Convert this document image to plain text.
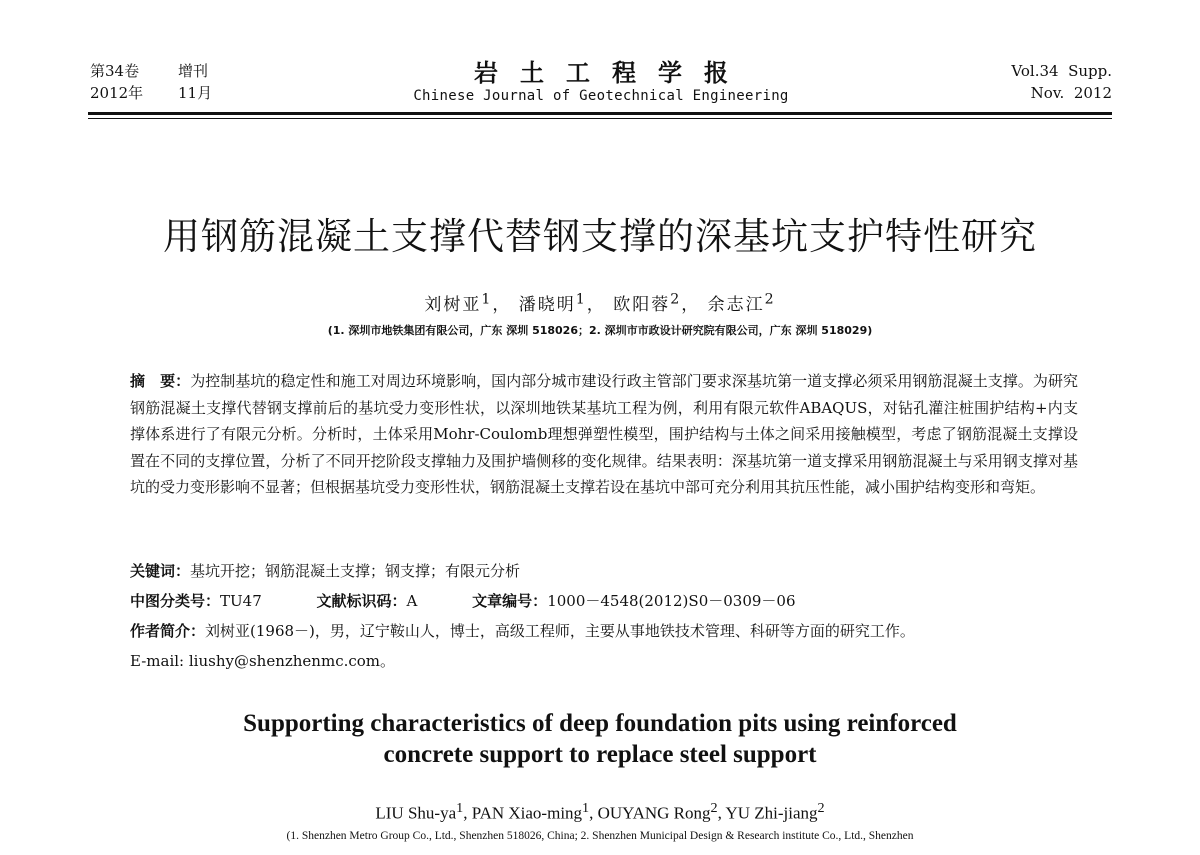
第34卷	增刊
2012年 11月
岩土工程学报
Chinese Journal of Geotechnical Engineering
Vol.34  Supp.
Nov.  2012
用钢筋混凝土支撑代替钢支撑的深基坑支护特性研究
刘树亚$^1$， 潘晓明$^1$， 欧阳蓉$^2$， 余志江$^2$
(1. 深圳市地铁集团有限公司，广东 深圳 518026；2. 深圳市市政设计研究院有限公司，广东 深圳 518029)
摘　要：为控制基坑的稳定性和施工对周边环境影响，国内部分城市建设行政主管部门要求深基坑第一道支撑必须采用钢筋混凝土支撑。为研究钢筋混凝土支撑代替钢支撑前后的基坑受力变形性状，以深圳地铁某基坑工程为例，利用有限元软件ABAQUS，对钻孔灌注桩围护结构+内支撑体系进行了有限元分析。分析时，土体采用Mohr-Coulomb理想弹塑性模型，围护结构与土体之间采用接触模型，考虑了钢筋混凝土支撑设置在不同的支撑位置，分析了不同开挖阶段支撑轴力及围护墙侧移的变化规律。结果表明：深基坑第一道支撑采用钢筋混凝土与采用钢支撑对基坑的受力变形影响不显著；但根据基坑受力变形性状，钢筋混凝土支撑若设在基坑中部可充分利用其抗压性能，减小围护结构变形和弯矩。
关键词：基坑开挖；钢筋混凝土支撑；钢支撑；有限元分析
中图分类号：TU47	文献标识码：A	文章编号：1000－4548(2012)S0－0309－06
作者简介：刘树亚(1968－)，男，辽宁鞍山人，博士，高级工程师，主要从事地铁技术管理、科研等方面的研究工作。
E-mail: liushy@shenzhenmc.com。
Supporting characteristics of deep foundation pits using reinforced
concrete support to replace steel support
LIU Shu-$ya^1$, PAN Xiao-ming$^1$, OUYANG Rong$^2$, YU Zhi-jiang$^2$
(1. Shenzhen Metro Group Co., Ltd., Shenzhen 518026, China; 2. Shenzhen Municipal Design & Research institute Co., Ltd., Shenzhen
